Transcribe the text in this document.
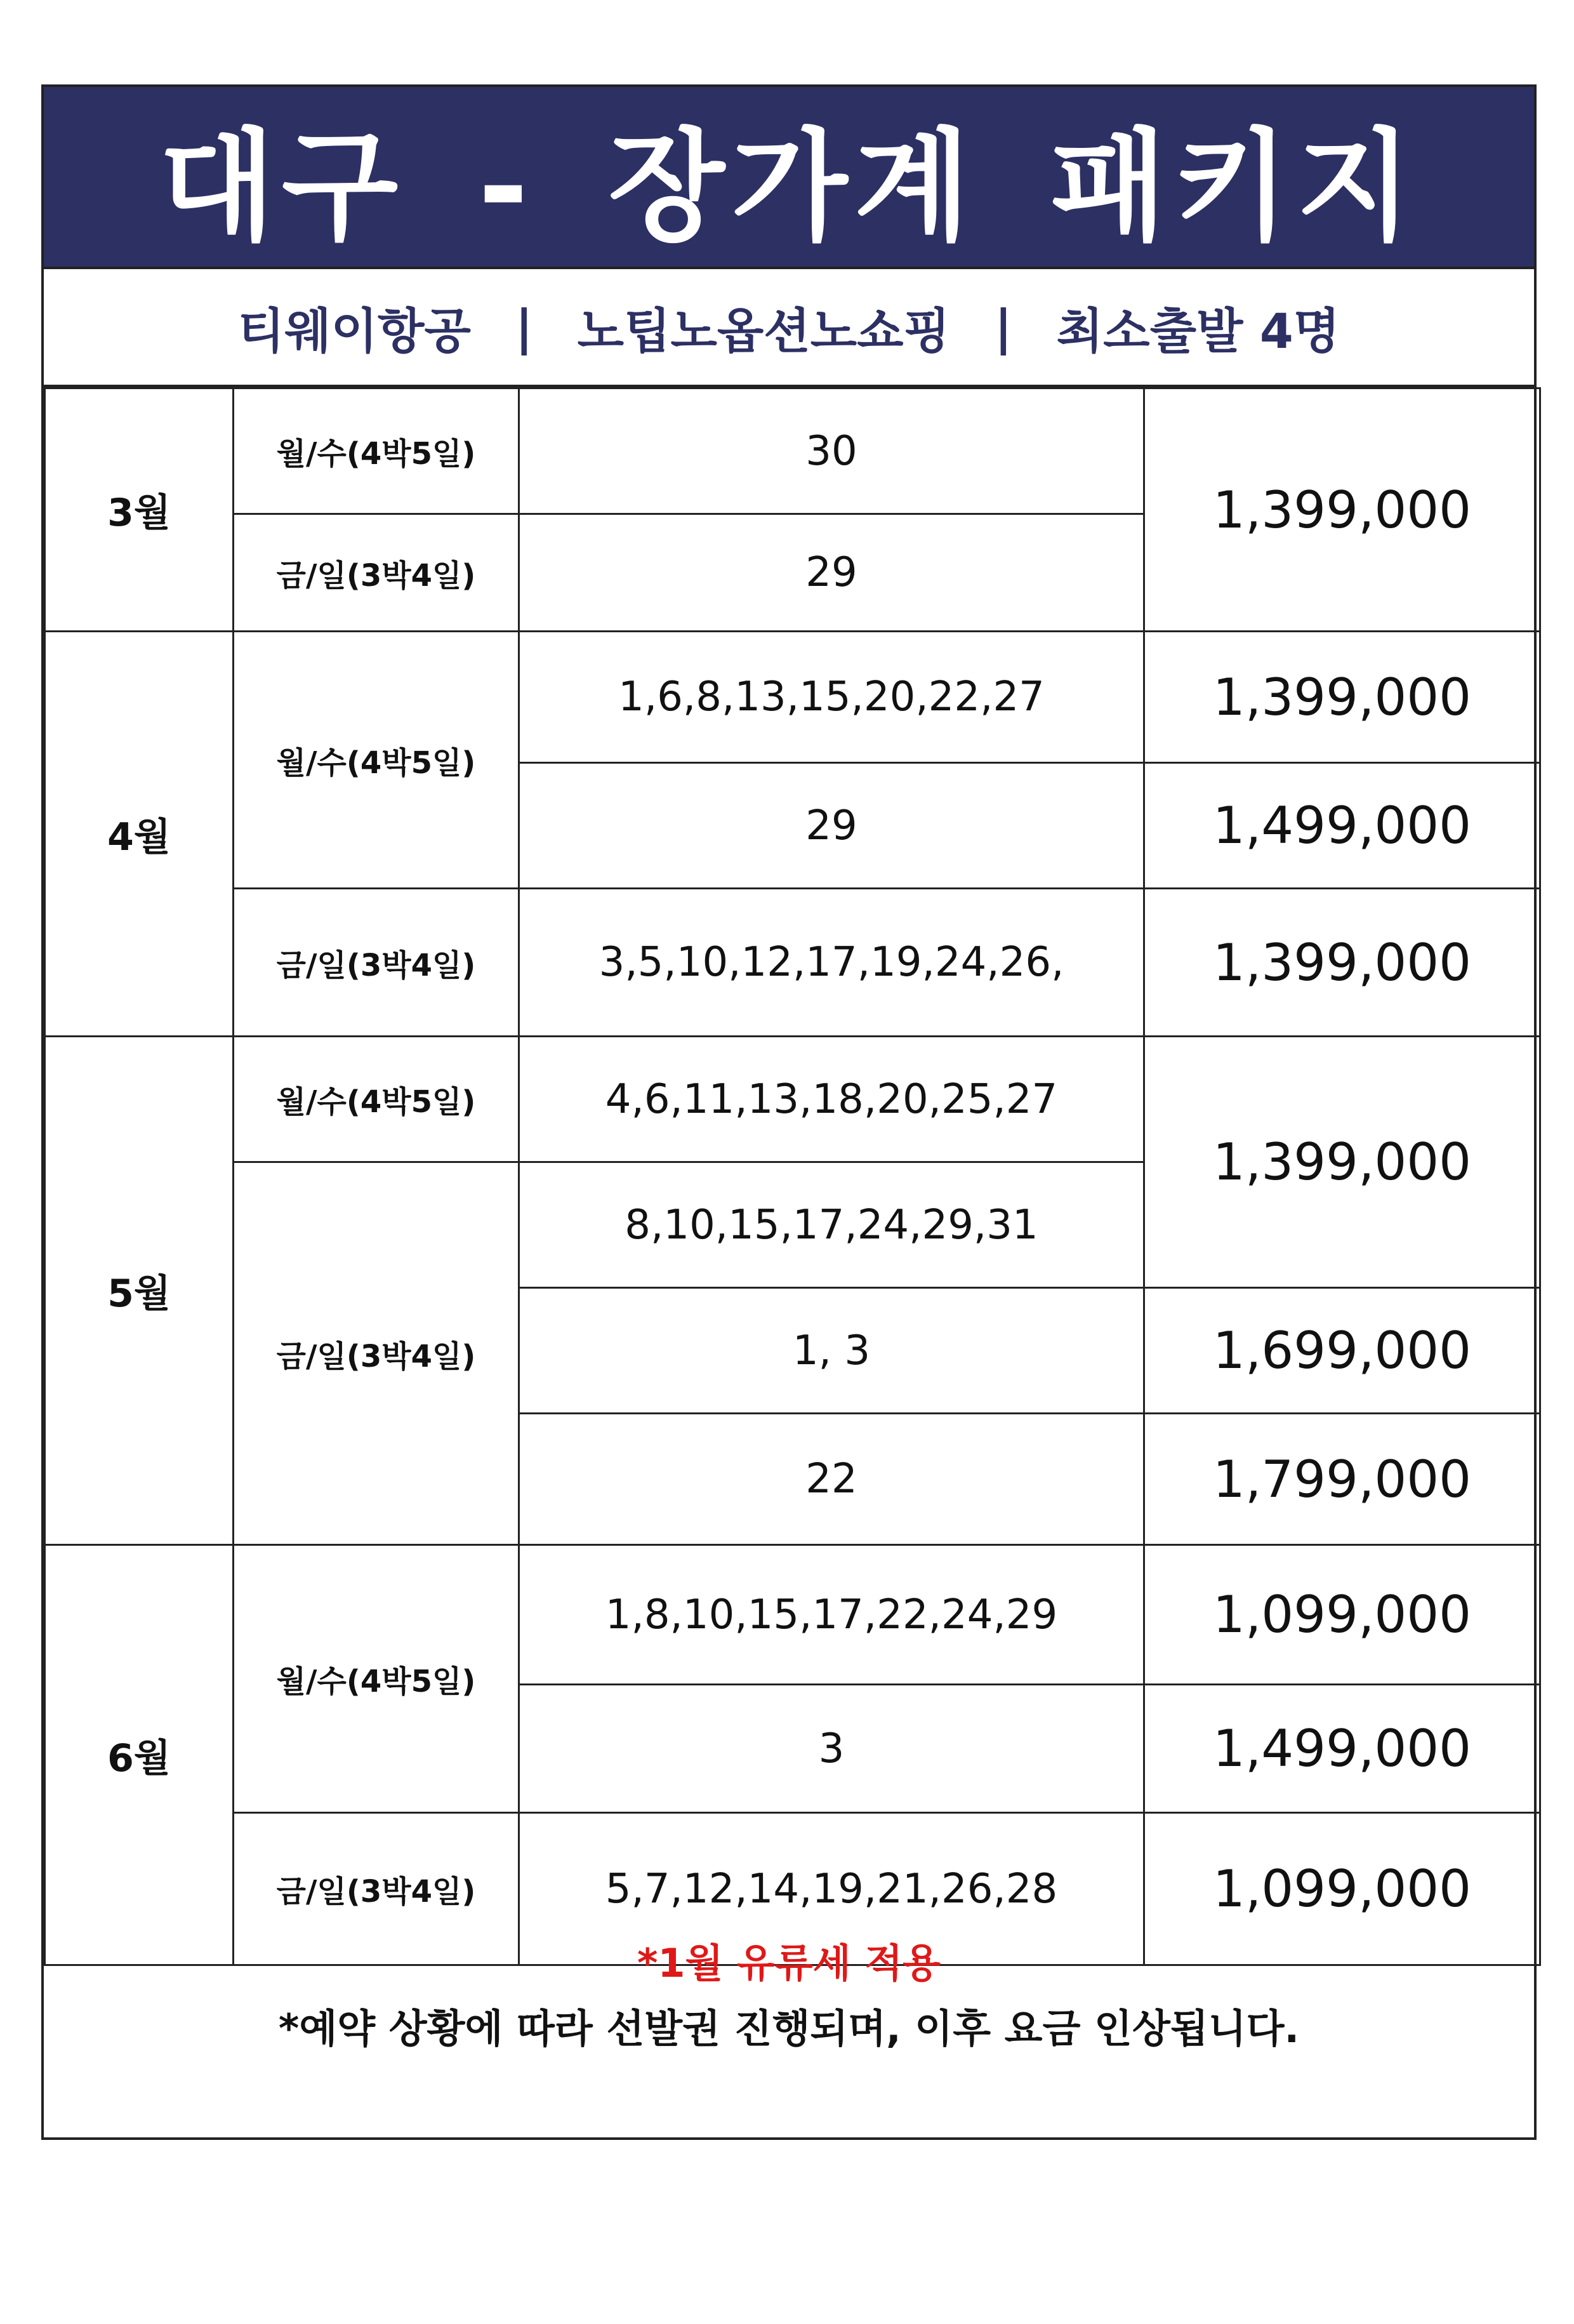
대구 - 장가계 패키지
티웨이항공 | 노팁노옵션노쇼핑 | 최소출발 4명
3월	월/수(4박5일)	30	1,399,000
	금/일(3박4일)	29	
4월	월/수(4박5일)	1,6,8,13,15,20,22,27	1,399,000
		29	1,499,000
	금/일(3박4일)	3,5,10,12,17,19,24,26,	1,399,000
5월	월/수(4박5일)	4,6,11,13,18,20,25,27	1,399,000
	금/일(3박4일)	8,10,15,17,24,29,31	
		1, 3	1,699,000
		22	1,799,000
6월	월/수(4박5일)	1,8,10,15,17,22,24,29	1,099,000
		3	1,499,000
	금/일(3박4일)	5,7,12,14,19,21,26,28	1,099,000
*1월 유류세 적용
*예약 상황에 따라 선발권 진행되며, 이후 요금 인상됩니다.
